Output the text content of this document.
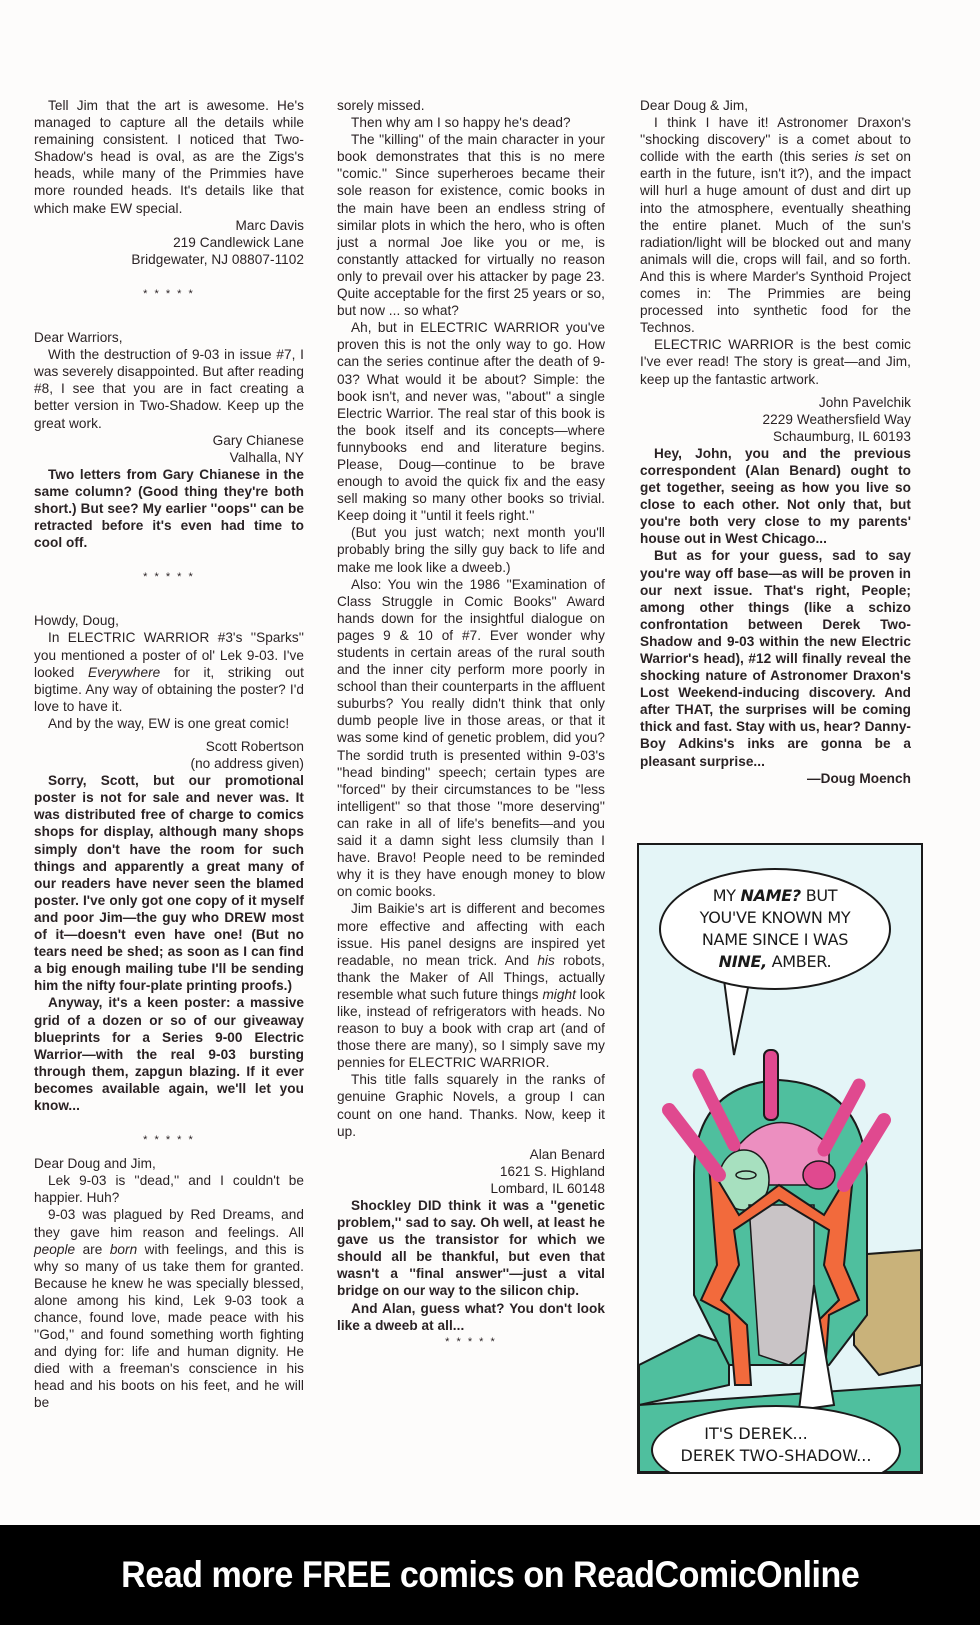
Tell Jim that the art is awesome. He's managed to capture all the details while remaining consistent. I noticed that Two-Shadow's head is oval, as are the Zigs's heads, while many of the Primmies have more rounded heads. It's details like that which make EW special.

Marc Davis

219 Candlewick Lane

Bridgewater, NJ 08807-1102

* * * * *

Dear Warriors,

With the destruction of 9-03 in issue #7, I was severely disappointed. But after reading #8, I see that you are in fact creating a better version in Two-Shadow. Keep up the great work.

Gary Chianese

Valhalla, NY

Two letters from Gary Chianese in the same column? (Good thing they're both short.) But see? My earlier ''oops'' can be retracted before it's even had time to cool off.

* * * * *

Howdy, Doug,

In ELECTRIC WARRIOR #3's ''Sparks'' you mentioned a poster of ol' Lek 9-03. I've looked Everywhere for it, striking out bigtime. Any way of obtaining the poster? I'd love to have it.

And by the way, EW is one great comic!

Scott Robertson

(no address given)

Sorry, Scott, but our promotional poster is not for sale and never was. It was distributed free of charge to comics shops for display, although many shops simply don't have the room for such things and apparently a great many of our readers have never seen the blamed poster. I've only got one copy of it myself and poor Jim—the guy who DREW most of it—doesn't even have one! (But no tears need be shed; as soon as I can find a big enough mailing tube I'll be sending him the nifty four-plate printing proofs.)

Anyway, it's a keen poster: a massive grid of a dozen or so of our giveaway blueprints for a Series 9-00 Electric Warrior—with the real 9-03 bursting through them, zapgun blazing. If it ever becomes available again, we'll let you know...

* * * * *

Dear Doug and Jim,

Lek 9-03 is ''dead,'' and I couldn't be happier. Huh?

9-03 was plagued by Red Dreams, and they gave him reason and feelings. All people are born with feelings, and this is why so many of us take them for granted. Because he knew he was specially blessed, alone among his kind, Lek 9-03 took a chance, found love, made peace with his ''God,'' and found something worth fighting and dying for: life and human dignity. He died with a freeman's conscience in his head and his boots on his feet, and he will be

sorely missed.

Then why am I so happy he's dead?

The ''killing'' of the main character in your book demonstrates that this is no mere ''comic.'' Since superheroes became their sole reason for existence, comic books in the main have been an endless string of similar plots in which the hero, who is often just a normal Joe like you or me, is constantly attacked for virtually no reason only to prevail over his attacker by page 23. Quite acceptable for the first 25 years or so, but now ... so what?

Ah, but in ELECTRIC WARRIOR you've proven this is not the only way to go. How can the series continue after the death of 9-03? What would it be about? Simple: the book isn't, and never was, ''about'' a single Electric Warrior. The real star of this book is the book itself and its concepts—where funnybooks end and literature begins. Please, Doug—continue to be brave enough to avoid the quick fix and the easy sell making so many other books so trivial. Keep doing it ''until it feels right.''

(But you just watch; next month you'll probably bring the silly guy back to life and make me look like a dweeb.)

Also: You win the 1986 ''Examination of Class Struggle in Comic Books'' Award hands down for the insightful dialogue on pages 9 & 10 of #7. Ever wonder why students in certain areas of the rural south and the inner city perform more poorly in school than their counterparts in the affluent suburbs? You really didn't think that only dumb people live in those areas, or that it was some kind of genetic problem, did you? The sordid truth is presented within 9-03's ''head binding'' speech; certain types are ''forced'' by their circumstances to be ''less intelligent'' so that those ''more deserving'' can rake in all of life's benefits—and you said it a damn sight less clumsily than I have. Bravo! People need to be reminded why it is they have enough money to blow on comic books.

Jim Baikie's art is different and becomes more effective and affecting with each issue. His panel designs are inspired yet readable, no mean trick. And his robots, thank the Maker of All Things, actually resemble what such future things might look like, instead of refrigerators with heads. No reason to buy a book with crap art (and of those there are many), so I simply save my pennies for ELECTRIC WARRIOR.

This title falls squarely in the ranks of genuine Graphic Novels, a group I can count on one hand. Thanks. Now, keep it up.

Alan Benard

1621 S. Highland

Lombard, IL 60148

Shockley DID think it was a ''genetic problem,'' sad to say. Oh well, at least he gave us the transistor for which we should all be thankful, but even that wasn't a ''final answer''—just a vital bridge on our way to the silicon chip.

And Alan, guess what? You don't look like a dweeb at all...

* * * * *

Dear Doug & Jim,

I think I have it! Astronomer Draxon's ''shocking discovery'' is a comet about to collide with the earth (this series is set on earth in the future, isn't it?), and the impact will hurl a huge amount of dust and dirt up into the atmosphere, eventually sheathing the entire planet. Much of the sun's radiation/light will be blocked out and many animals will die, crops will fail, and so forth. And this is where Marder's Synthoid Project comes in: The Primmies are being processed into synthetic food for the Technos.

ELECTRIC WARRIOR is the best comic I've ever read! The story is great—and Jim, keep up the fantastic artwork.

John Pavelchik

2229 Weathersfield Way

Schaumburg, IL 60193

Hey, John, you and the previous correspondent (Alan Benard) ought to get together, seeing as how you live so close to each other. Not only that, but you're both very close to my parents' house out in West Chicago...

But as for your guess, sad to say you're way off base—as will be proven in our next issue. That's right, People; among other things (like a schizo confrontation between Derek Two-Shadow and 9-03 within the new Electric Warrior's head), #12 will finally reveal the shocking nature of Astronomer Draxon's Lost Weekend-inducing discovery. And after THAT, the surprises will be coming thick and fast. Stay with us, hear? Danny-Boy Adkins's inks are gonna be a pleasant surprise...

—Doug Moench

MY NAME? BUT
YOU'VE KNOWN MY
NAME SINCE I WAS
NINE, AMBER.
IT'S DEREK...
DEREK TWO-SHADOW...
Read more FREE comics on ReadComicOnline
